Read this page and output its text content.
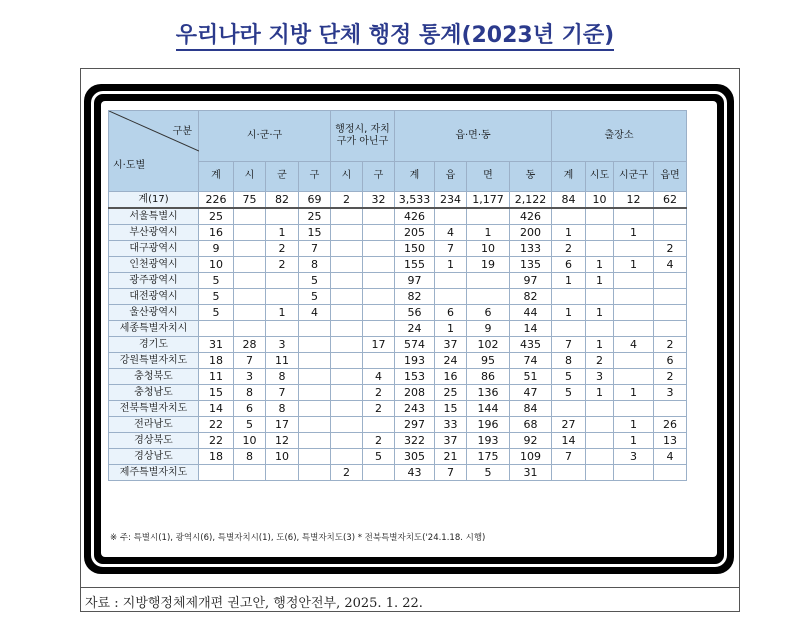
우리나라 지방 단체 행정 통계(2023년 기준)
구분
시·도별	시·군·구				행정시, 자치구가 아닌구		읍·면·동				출장소			
	계	시	군	구	시	구	계	읍	면	동	계	시도	시군구	읍면
계(17)	226	75	82	69	2	32	3,533	234	1,177	2,122	84	10	12	62
서울특별시	25			25			426			426				
부산광역시	16		1	15			205	4	1	200	1		1	
대구광역시	9		2	7			150	7	10	133	2			2
인천광역시	10		2	8			155	1	19	135	6	1	1	4
광주광역시	5			5			97			97	1	1		
대전광역시	5			5			82			82				
울산광역시	5		1	4			56	6	6	44	1	1		
세종특별자치시							24	1	9	14				
경기도	31	28	3			17	574	37	102	435	7	1	4	2
강원특별자치도	18	7	11				193	24	95	74	8	2		6
충청북도	11	3	8			4	153	16	86	51	5	3		2
충청남도	15	8	7			2	208	25	136	47	5	1	1	3
전북특별자치도	14	6	8			2	243	15	144	84				
전라남도	22	5	17				297	33	196	68	27		1	26
경상북도	22	10	12			2	322	37	193	92	14		1	13
경상남도	18	8	10			5	305	21	175	109	7		3	4
제주특별자치도					2		43	7	5	31				
※ 주: 특별시(1), 광역시(6), 특별자치시(1), 도(6), 특별자치도(3) * 전북특별자치도('24.1.18. 시행)
자료 : 지방행정체제개편 권고안, 행정안전부, 2025. 1. 22.
